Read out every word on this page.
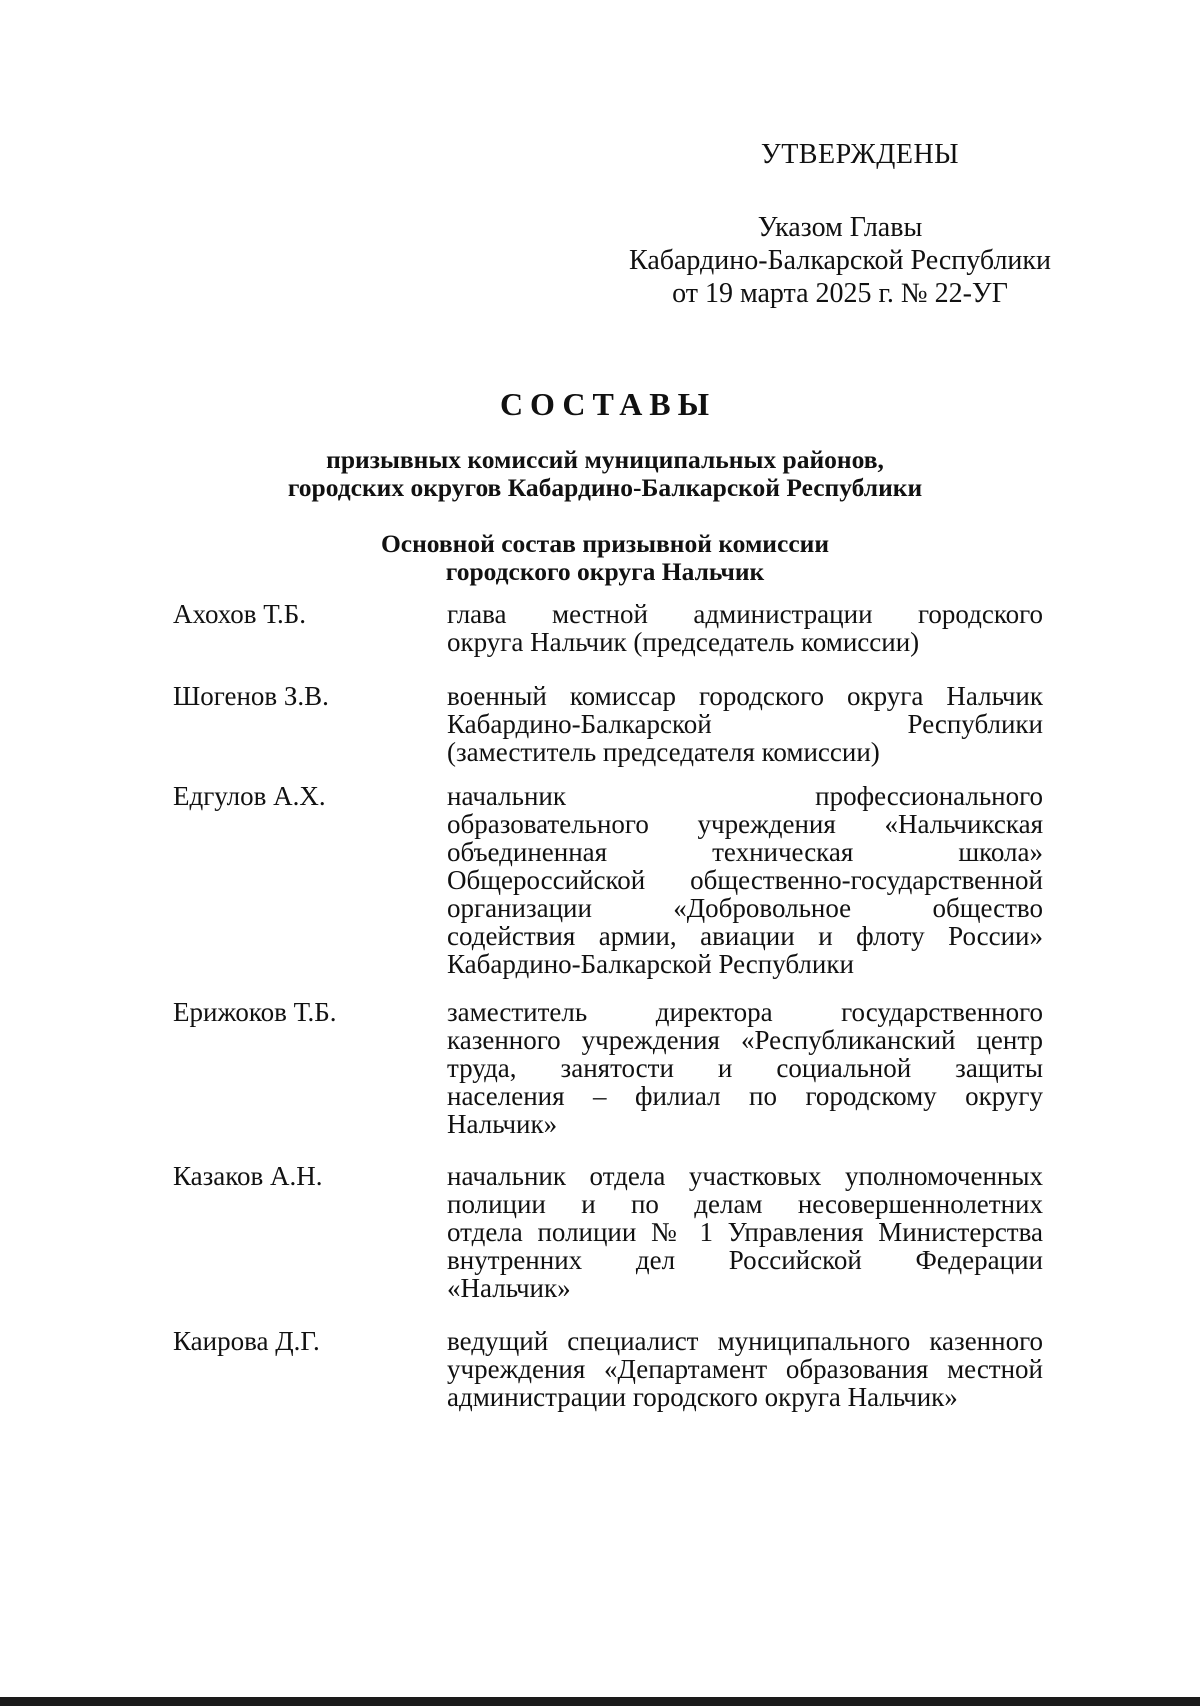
УТВЕРЖДЕНЫ
Указом Главы
Кабардино-Балкарской Республики
от 19 марта 2025 г. № 22-УГ
СОСТАВЫ
призывных комиссий муниципальных районов,
городских округов Кабардино-Балкарской Республики
Основной состав призывной комиссии
городского округа Нальчик
Ахохов Т.Б.	глава местной администрации городского
округа Нальчик (председатель комиссии)
Шогенов З.В.	военный комиссар городского округа Нальчик
Кабардино-Балкарской Республики
(заместитель председателя комиссии)
Едгулов А.Х.	начальник профессионального
образовательного учреждения «Нальчикская
объединенная техническая школа»
Общероссийской общественно-государственной
организации «Добровольное общество
содействия армии, авиации и флоту России»
Кабардино-Балкарской Республики
Ерижоков Т.Б.	заместитель директора государственного
казенного учреждения «Республиканский центр
труда, занятости и социальной защиты
населения – филиал по городскому округу
Нальчик»
Казаков А.Н.	начальник отдела участковых уполномоченных
полиции и по делам несовершеннолетних
отдела полиции № 1 Управления Министерства
внутренних дел Российской Федерации
«Нальчик»
Каирова Д.Г.	ведущий специалист муниципального казенного
учреждения «Департамент образования местной
администрации городского округа Нальчик»
